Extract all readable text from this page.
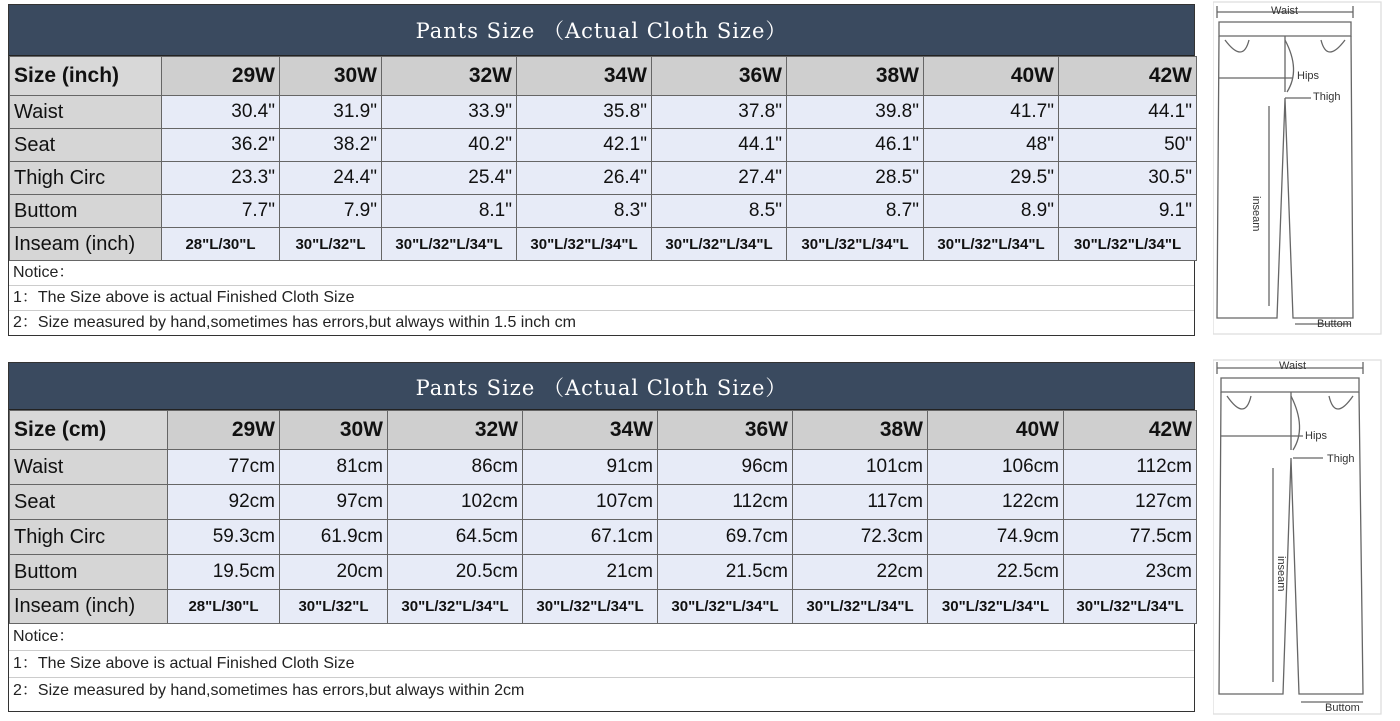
Pants Size （Actual Cloth Size）
Size (inch)	29W	30W	32W	34W	36W	38W	40W	42W
Waist	30.4"	31.9"	33.9"	35.8"	37.8"	39.8"	41.7"	44.1"
Seat	36.2"	38.2"	40.2"	42.1"	44.1"	46.1"	48"	50"
Thigh Circ	23.3"	24.4"	25.4"	26.4"	27.4"	28.5"	29.5"	30.5"
Buttom	7.7"	7.9"	8.1"	8.3"	8.5"	8.7"	8.9"	9.1"
Inseam (inch)	28"L/30"L	30"L/32"L	30"L/32"L/34"L	30"L/32"L/34"L	30"L/32"L/34"L	30"L/32"L/34"L	30"L/32"L/34"L	30"L/32"L/34"L
Notice：
1：The Size above is actual Finished Cloth Size
2：Size measured by hand,sometimes has errors,but always within 1.5 inch cm
Pants Size （Actual Cloth Size）
Size (cm)	29W	30W	32W	34W	36W	38W	40W	42W
Waist	77cm	81cm	86cm	91cm	96cm	101cm	106cm	112cm
Seat	92cm	97cm	102cm	107cm	112cm	117cm	122cm	127cm
Thigh Circ	59.3cm	61.9cm	64.5cm	67.1cm	69.7cm	72.3cm	74.9cm	77.5cm
Buttom	19.5cm	20cm	20.5cm	21cm	21.5cm	22cm	22.5cm	23cm
Inseam (inch)	28"L/30"L	30"L/32"L	30"L/32"L/34"L	30"L/32"L/34"L	30"L/32"L/34"L	30"L/32"L/34"L	30"L/32"L/34"L	30"L/32"L/34"L
Notice：
1：The Size above is actual Finished Cloth Size
2：Size measured by hand,sometimes has errors,but always within 2cm
Waist
Hips
Thigh
inseam
Buttom
Waist
Hips
Thigh
inseam
Buttom
